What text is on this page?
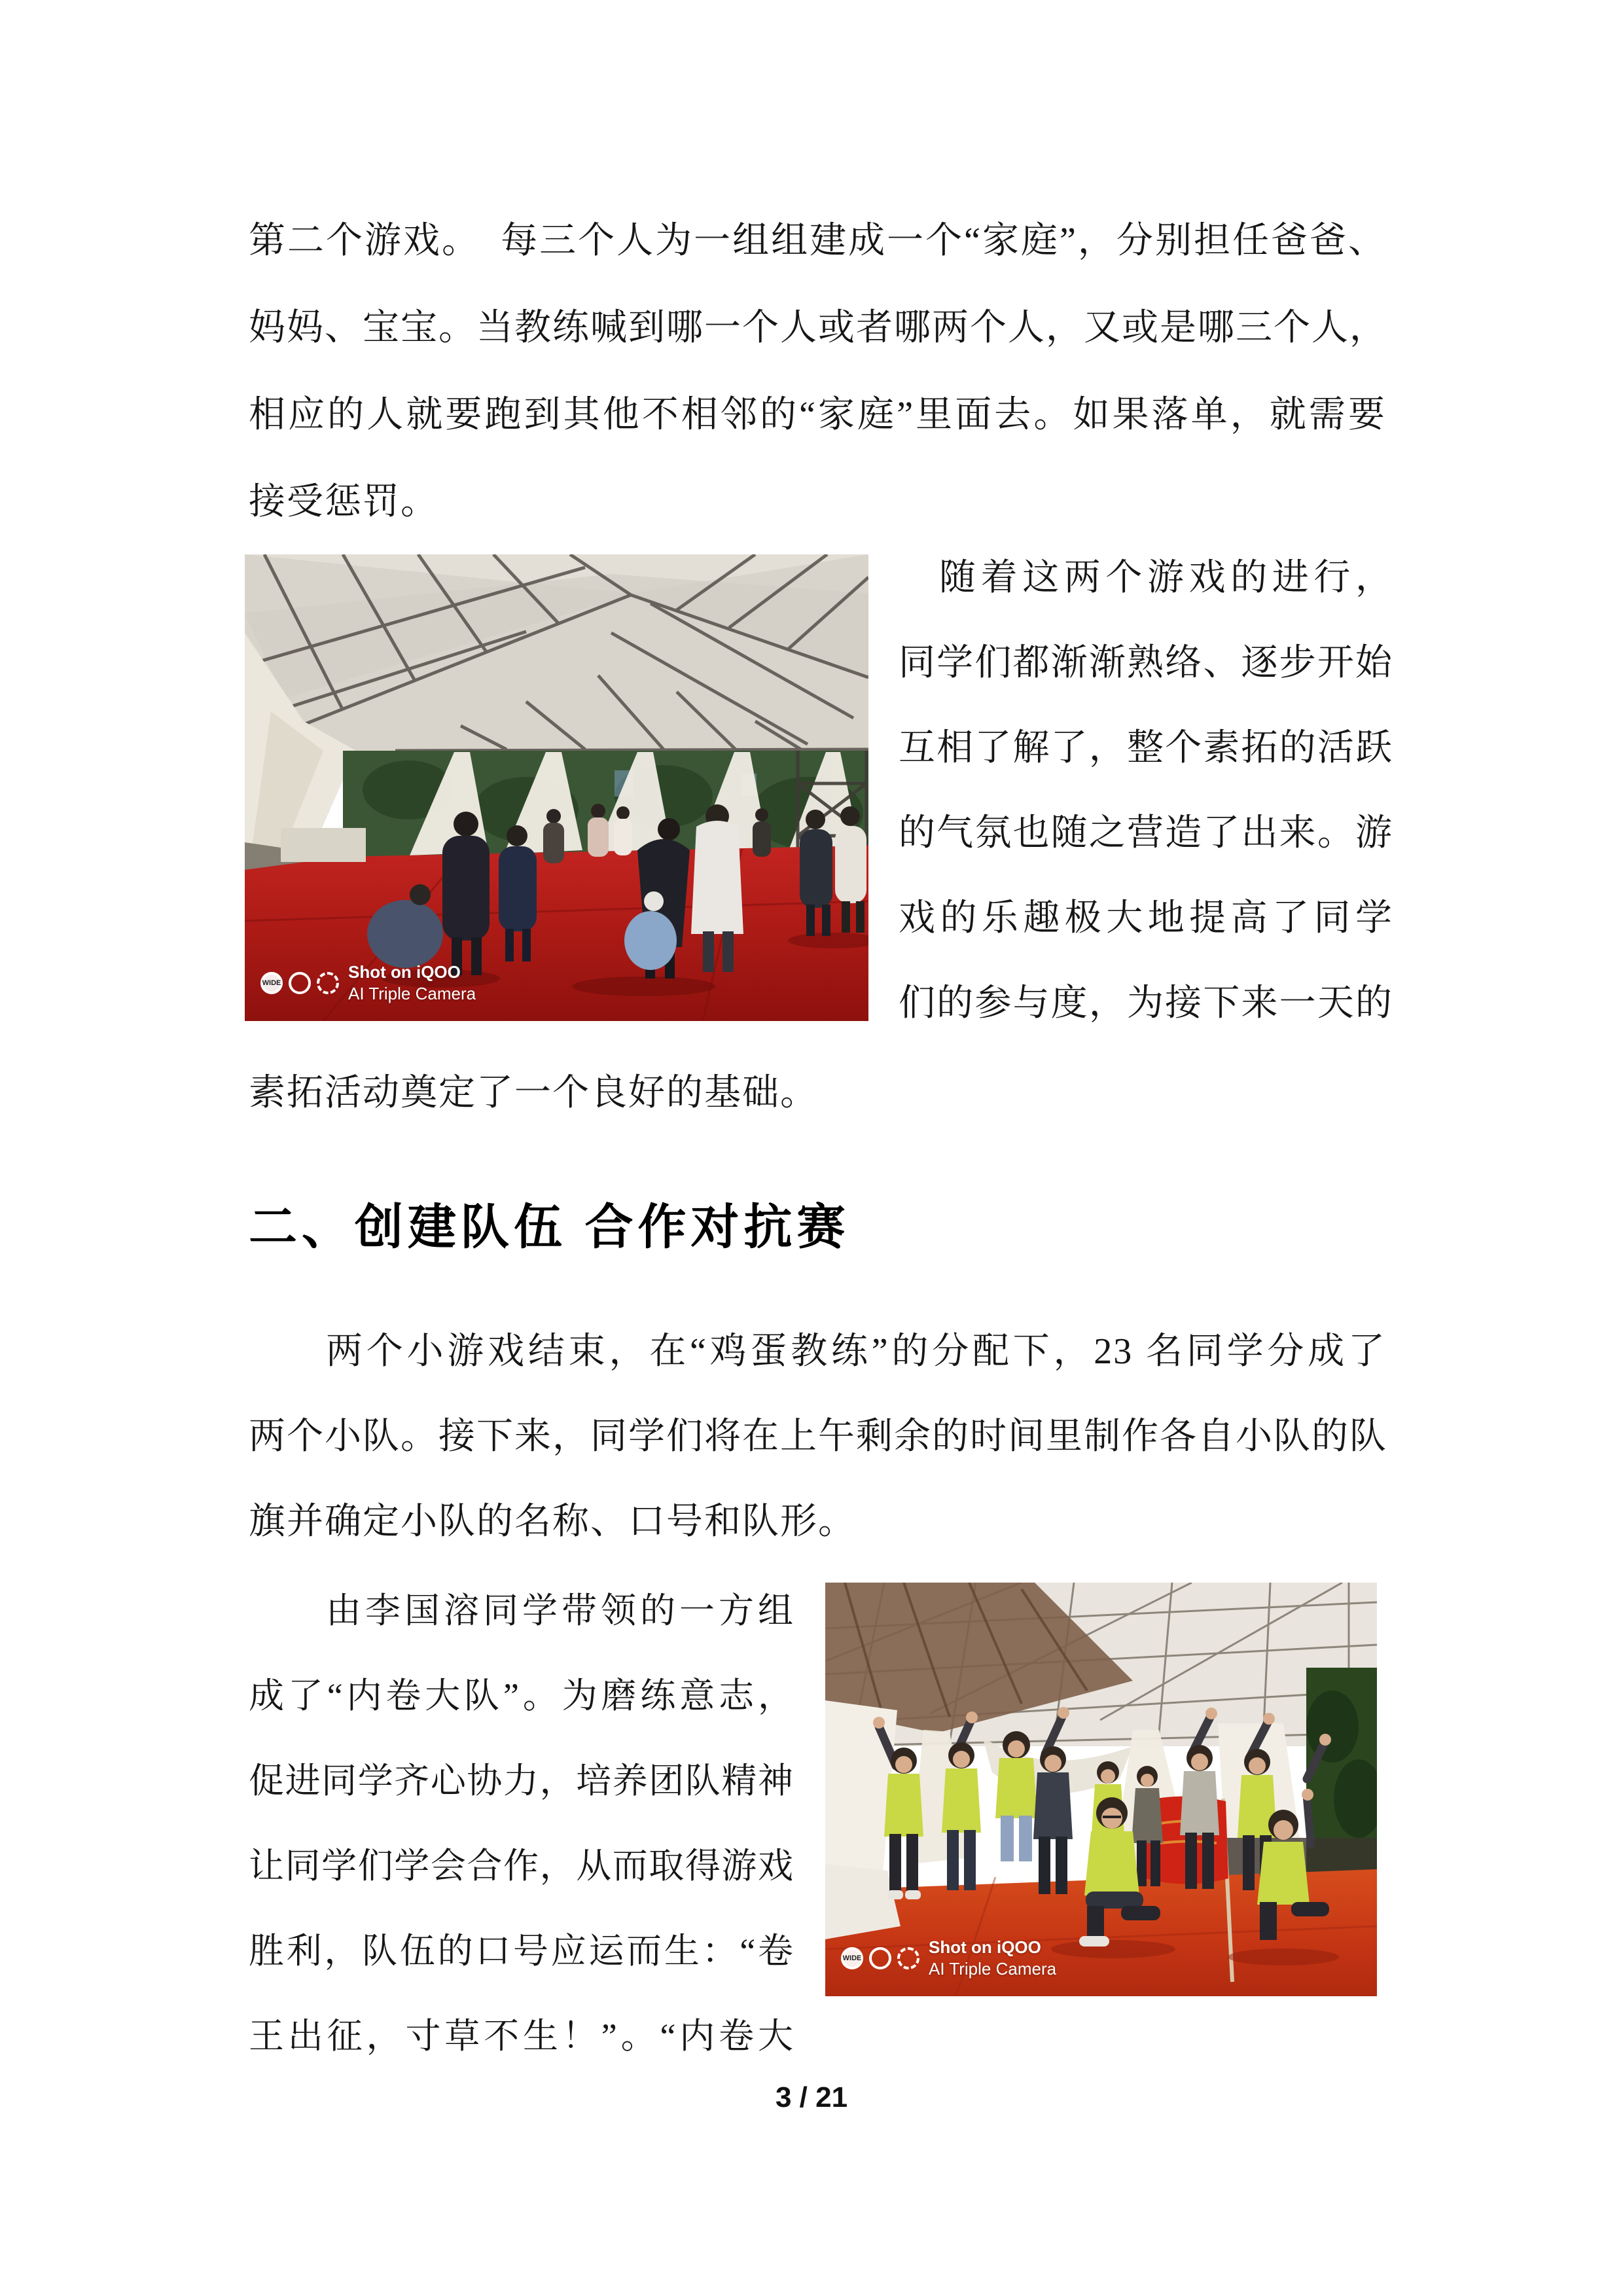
第二个游戏。　每三个人为一组组建成一个“家庭”，分别担任爸爸、
妈妈、宝宝。当教练喊到哪一个人或者哪两个人，又或是哪三个人，
相应的人就要跑到其他不相邻的“家庭”里面去。如果落单，就需要
接受惩罚。
WIDE
Shot on iQOO
AI Triple Camera
随着这两个游戏的进行，
同学们都渐渐熟络、逐步开始
互相了解了，整个素拓的活跃
的气氛也随之营造了出来。游
戏的乐趣极大地提高了同学
们的参与度，为接下来一天的
素拓活动奠定了一个良好的基础。
二、创建队伍 合作对抗赛
两个小游戏结束，在“鸡蛋教练”的分配下，23 名同学分成了
两个小队。接下来，同学们将在上午剩余的时间里制作各自小队的队
旗并确定小队的名称、口号和队形。
由李国溶同学带领的一方组
成了“内卷大队”。为磨练意志，
促进同学齐心协力，培养团队精神
让同学们学会合作，从而取得游戏
胜利，队伍的口号应运而生：“卷
王出征，寸草不生！”。“内卷大
WIDE
Shot on iQOO
AI Triple Camera
3 / 21
